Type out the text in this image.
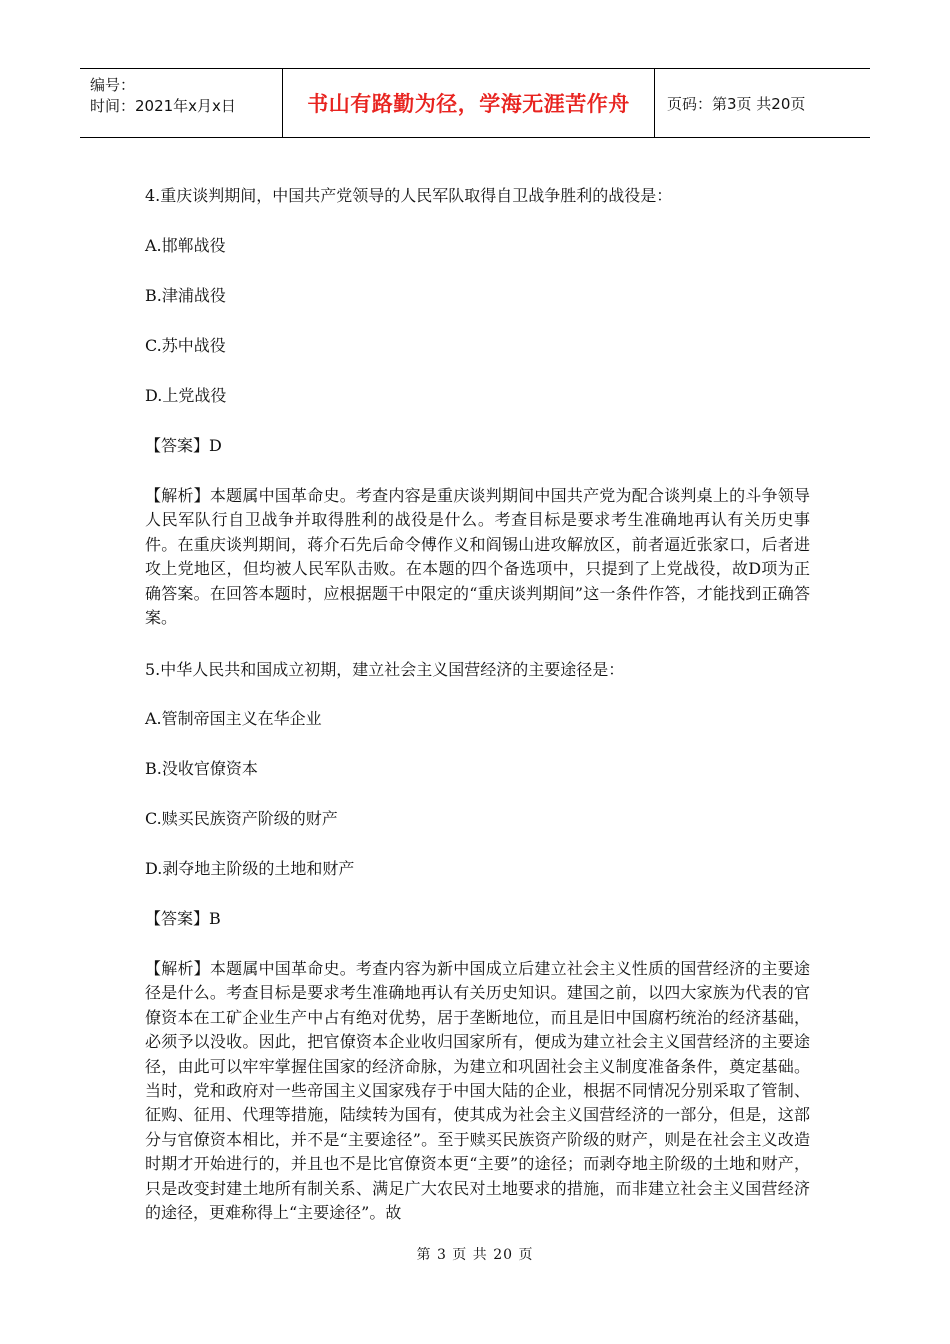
编号：
时间：2021年x月x日	书山有路勤为径，学海无涯苦作舟	页码：第3页 共20页
4.重庆谈判期间，中国共产党领导的人民军队取得自卫战争胜利的战役是：
A.邯郸战役
B.津浦战役
C.苏中战役
D.上党战役
【答案】D
【解析】本题属中国革命史。考查内容是重庆谈判期间中国共产党为配合谈判桌上的斗争领导人民军队行自卫战争并取得胜利的战役是什么。考查目标是要求考生准确地再认有关历史事件。在重庆谈判期间，蒋介石先后命令傅作义和阎锡山进攻解放区，前者逼近张家口，后者进攻上党地区，但均被人民军队击败。在本题的四个备选项中，只提到了上党战役，故D项为正确答案。在回答本题时，应根据题干中限定的“重庆谈判期间”这一条件作答，才能找到正确答案。
5.中华人民共和国成立初期，建立社会主义国营经济的主要途径是：
A.管制帝国主义在华企业
B.没收官僚资本
C.赎买民族资产阶级的财产
D.剥夺地主阶级的土地和财产
【答案】B
【解析】本题属中国革命史。考查内容为新中国成立后建立社会主义性质的国营经济的主要途径是什么。考查目标是要求考生准确地再认有关历史知识。建国之前，以四大家族为代表的官僚资本在工矿企业生产中占有绝对优势，居于垄断地位，而且是旧中国腐朽统治的经济基础，必须予以没收。因此，把官僚资本企业收归国家所有，便成为建立社会主义国营经济的主要途径，由此可以牢牢掌握住国家的经济命脉，为建立和巩固社会主义制度准备条件，奠定基础。当时，党和政府对一些帝国主义国家残存于中国大陆的企业，根据不同情况分别采取了管制、征购、征用、代理等措施，陆续转为国有，使其成为社会主义国营经济的一部分，但是，这部分与官僚资本相比，并不是“主要途径”。至于赎买民族资产阶级的财产，则是在社会主义改造时期才开始进行的，并且也不是比官僚资本更“主要”的途径；而剥夺地主阶级的土地和财产，只是改变封建土地所有制关系、满足广大农民对土地要求的措施，而非建立社会主义国营经济的途径，更难称得上“主要途径”。故
第 3 页 共 20 页
